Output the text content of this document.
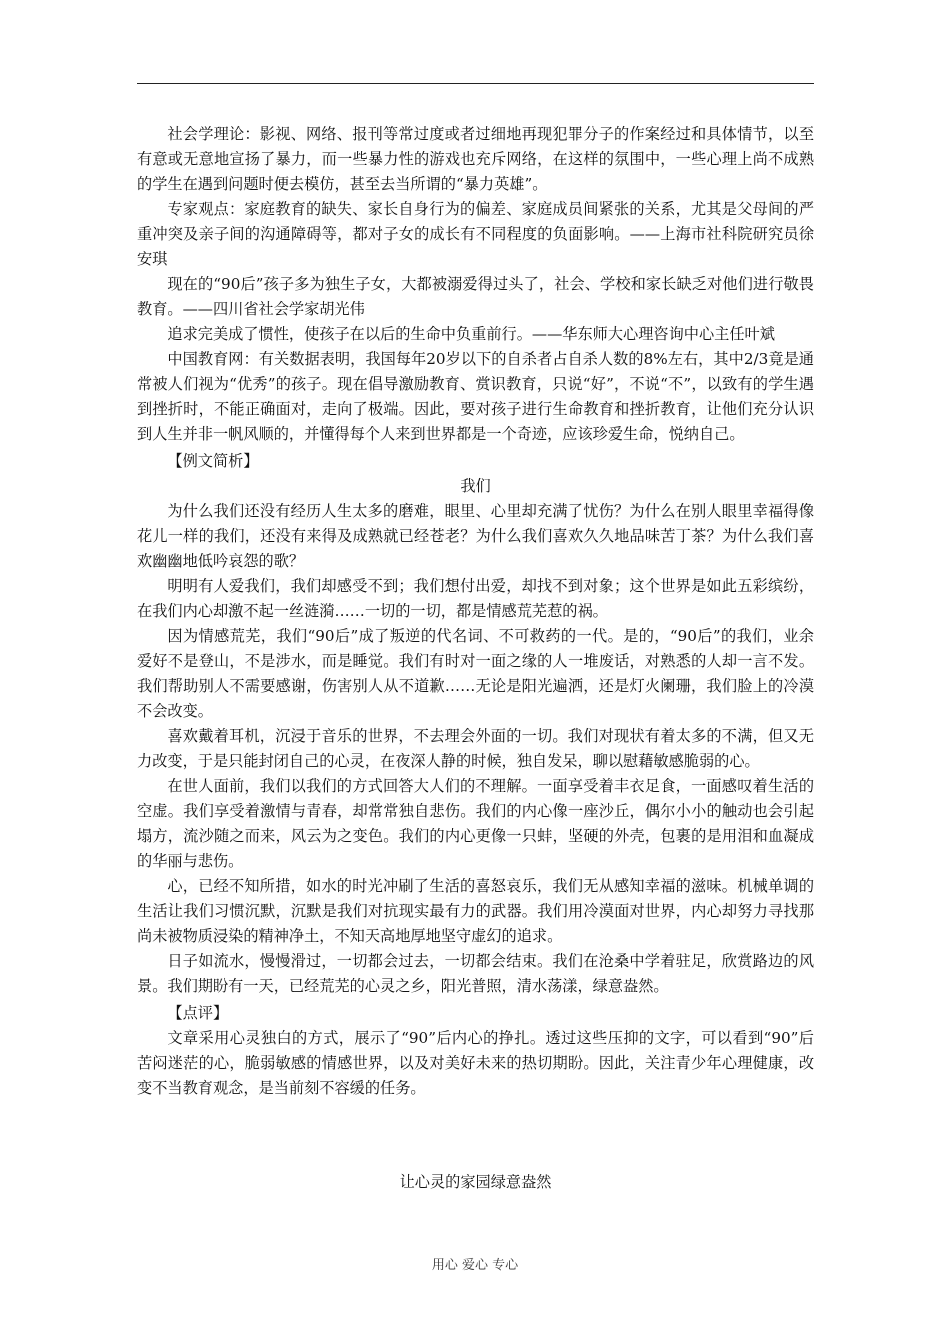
社会学理论：影视、网络、报刊等常过度或者过细地再现犯罪分子的作案经过和具体情节，以至有意或无意地宣扬了暴力，而一些暴力性的游戏也充斥网络，在这样的氛围中，一些心理上尚不成熟的学生在遇到问题时便去模仿，甚至去当所谓的“暴力英雄”。

专家观点：家庭教育的缺失、家长自身行为的偏差、家庭成员间紧张的关系，尤其是父母间的严重冲突及亲子间的沟通障碍等，都对子女的成长有不同程度的负面影响。——上海市社科院研究员徐安琪

现在的“90后”孩子多为独生子女，大都被溺爱得过头了，社会、学校和家长缺乏对他们进行敬畏教育。——四川省社会学家胡光伟

追求完美成了惯性，使孩子在以后的生命中负重前行。——华东师大心理咨询中心主任叶斌

中国教育网：有关数据表明，我国每年20岁以下的自杀者占自杀人数的8%左右，其中2/3竟是通常被人们视为“优秀”的孩子。现在倡导激励教育、赏识教育，只说“好”，不说“不”，以致有的学生遇到挫折时，不能正确面对，走向了极端。因此，要对孩子进行生命教育和挫折教育，让他们充分认识到人生并非一帆风顺的，并懂得每个人来到世界都是一个奇迹，应该珍爱生命，悦纳自己。

【例文简析】

我们

为什么我们还没有经历人生太多的磨难，眼里、心里却充满了忧伤？为什么在别人眼里幸福得像花儿一样的我们，还没有来得及成熟就已经苍老？为什么我们喜欢久久地品味苦丁茶？为什么我们喜欢幽幽地低吟哀怨的歌？

明明有人爱我们，我们却感受不到；我们想付出爱，却找不到对象；这个世界是如此五彩缤纷，在我们内心却激不起一丝涟漪……一切的一切，都是情感荒芜惹的祸。

因为情感荒芜，我们“90后”成了叛逆的代名词、不可救药的一代。是的，“90后”的我们，业余爱好不是登山，不是涉水，而是睡觉。我们有时对一面之缘的人一堆废话，对熟悉的人却一言不发。我们帮助别人不需要感谢，伤害别人从不道歉……无论是阳光遍洒，还是灯火阑珊，我们脸上的冷漠不会改变。

喜欢戴着耳机，沉浸于音乐的世界，不去理会外面的一切。我们对现状有着太多的不满，但又无力改变，于是只能封闭自己的心灵，在夜深人静的时候，独自发呆，聊以慰藉敏感脆弱的心。

在世人面前，我们以我们的方式回答大人们的不理解。一面享受着丰衣足食，一面感叹着生活的空虚。我们享受着激情与青春，却常常独自悲伤。我们的内心像一座沙丘，偶尔小小的触动也会引起塌方，流沙随之而来，风云为之变色。我们的内心更像一只蚌，坚硬的外壳，包裹的是用泪和血凝成的华丽与悲伤。

心，已经不知所措，如水的时光冲刷了生活的喜怒哀乐，我们无从感知幸福的滋味。机械单调的生活让我们习惯沉默，沉默是我们对抗现实最有力的武器。我们用冷漠面对世界，内心却努力寻找那尚未被物质浸染的精神净土，不知天高地厚地坚守虚幻的追求。

日子如流水，慢慢滑过，一切都会过去，一切都会结束。我们在沧桑中学着驻足，欣赏路边的风景。我们期盼有一天，已经荒芜的心灵之乡，阳光普照，清水荡漾，绿意盎然。

【点评】

文章采用心灵独白的方式，展示了“90”后内心的挣扎。透过这些压抑的文字，可以看到“90”后苦闷迷茫的心，脆弱敏感的情感世界，以及对美好未来的热切期盼。因此，关注青少年心理健康，改变不当教育观念，是当前刻不容缓的任务。

让心灵的家园绿意盎然
用心 爱心 专心
